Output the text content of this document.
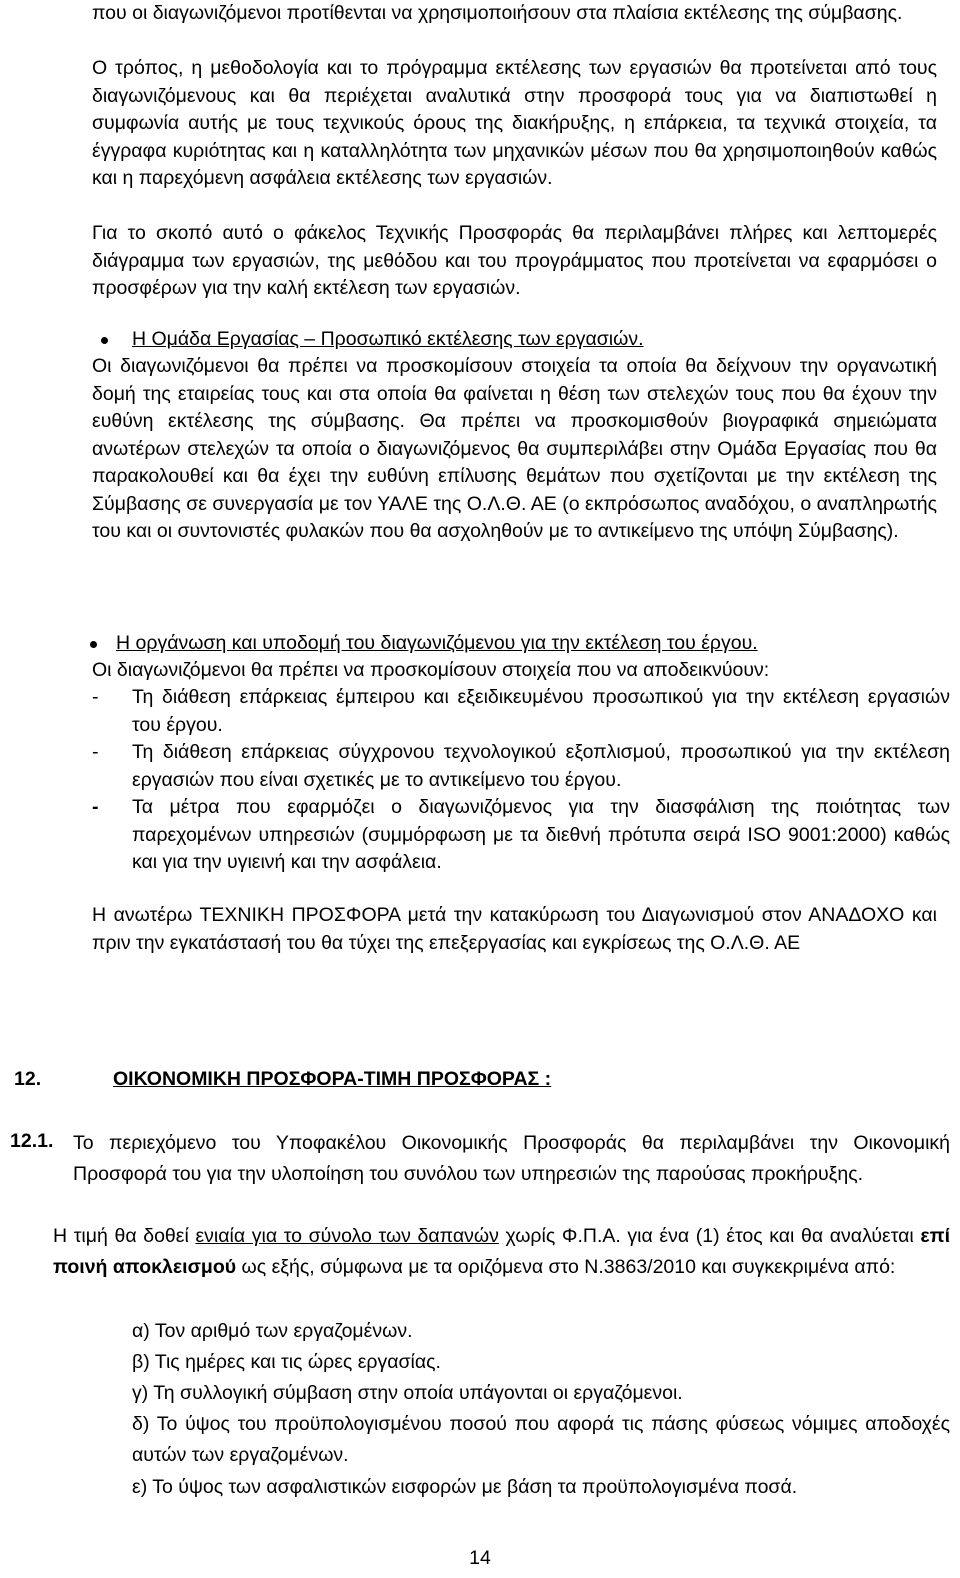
που οι διαγωνιζόμενοι προτίθενται να χρησιμοποιήσουν στα πλαίσια εκτέλεσης της σύμβασης.

Ο τρόπος, η μεθοδολογία και το πρόγραμμα εκτέλεσης των εργασιών θα προτείνεται από τους διαγωνιζόμενους και θα περιέχεται αναλυτικά στην προσφορά τους για να διαπιστωθεί η συμφωνία αυτής με τους τεχνικούς όρους της διακήρυξης, η επάρκεια, τα τεχνικά στοιχεία, τα έγγραφα κυριότητας και η καταλληλότητα των μηχανικών μέσων που θα χρησιμοποιηθούν καθώς και η παρεχόμενη ασφάλεια εκτέλεσης των εργασιών.

Για το σκοπό αυτό ο φάκελος Τεχνικής Προσφοράς θα περιλαμβάνει πλήρες και λεπτομερές διάγραμμα των εργασιών, της μεθόδου και του προγράμματος που προτείνεται να εφαρμόσει ο προσφέρων για την καλή εκτέλεση των εργασιών.

Η Ομάδα Εργασίας – Προσωπικό εκτέλεσης των εργασιών.

Οι διαγωνιζόμενοι θα πρέπει να προσκομίσουν στοιχεία τα οποία θα δείχνουν την οργανωτική δομή της εταιρείας τους και στα οποία θα φαίνεται η θέση των στελεχών τους που θα έχουν την ευθύνη εκτέλεσης της σύμβασης. Θα πρέπει να προσκομισθούν βιογραφικά σημειώματα ανωτέρων στελεχών τα οποία ο διαγωνιζόμενος θα συμπεριλάβει στην Ομάδα Εργασίας που θα παρακολουθεί και θα έχει την ευθύνη επίλυσης θεμάτων που σχετίζονται με την εκτέλεση της Σύμβασης σε συνεργασία με τον ΥΑΛΕ της Ο.Λ.Θ. ΑΕ (ο εκπρόσωπος αναδόχου, ο αναπληρωτής του και οι συντονιστές φυλακών που θα ασχοληθούν με το αντικείμενο της υπόψη Σύμβασης).

Η οργάνωση και υποδομή του διαγωνιζόμενου για την εκτέλεση του έργου.

Οι διαγωνιζόμενοι θα πρέπει να προσκομίσουν στοιχεία που να αποδεικνύουν:

- Τη διάθεση επάρκειας έμπειρου και εξειδικευμένου προσωπικού για την εκτέλεση εργασιών του έργου.

- Τη διάθεση επάρκειας σύγχρονου τεχνολογικού εξοπλισμού, προσωπικού για την εκτέλεση εργασιών που είναι σχετικές με το αντικείμενο του έργου.

- Τα μέτρα που εφαρμόζει ο διαγωνιζόμενος για την διασφάλιση της ποιότητας των παρεχομένων υπηρεσιών (συμμόρφωση με τα διεθνή πρότυπα σειρά ISO 9001:2000) καθώς και για την υγιεινή και την ασφάλεια.

Η ανωτέρω ΤΕΧΝΙΚΗ ΠΡΟΣΦΟΡΑ μετά την κατακύρωση του Διαγωνισμού στον ΑΝΑΔΟΧΟ και πριν την εγκατάστασή του θα τύχει της επεξεργασίας και εγκρίσεως της Ο.Λ.Θ. ΑΕ

12.	ΟΙΚΟΝΟΜΙΚΗ ΠΡΟΣΦΟΡΑ-ΤΙΜΗ ΠΡΟΣΦΟΡΑΣ :
12.1. Το περιεχόμενο του Υποφακέλου Οικονομικής Προσφοράς θα περιλαμβάνει την Οικονομική Προσφορά του για την υλοποίηση του συνόλου των υπηρεσιών της παρούσας προκήρυξης.

Η τιμή θα δοθεί ενιαία για το σύνολο των δαπανών χωρίς Φ.Π.Α. για ένα (1) έτος και θα αναλύεται επί ποινή αποκλεισμού ως εξής, σύμφωνα με τα οριζόμενα στο Ν.3863/2010 και συγκεκριμένα από:

α) Τον αριθμό των εργαζομένων.

β) Τις ημέρες και τις ώρες εργασίας.

γ) Τη συλλογική σύμβαση στην οποία υπάγονται οι εργαζόμενοι.

δ) Το ύψος του προϋπολογισμένου ποσού που αφορά τις πάσης φύσεως νόμιμες αποδοχές αυτών των εργαζομένων.

ε) Το ύψος των ασφαλιστικών εισφορών με βάση τα προϋπολογισμένα ποσά.

14
